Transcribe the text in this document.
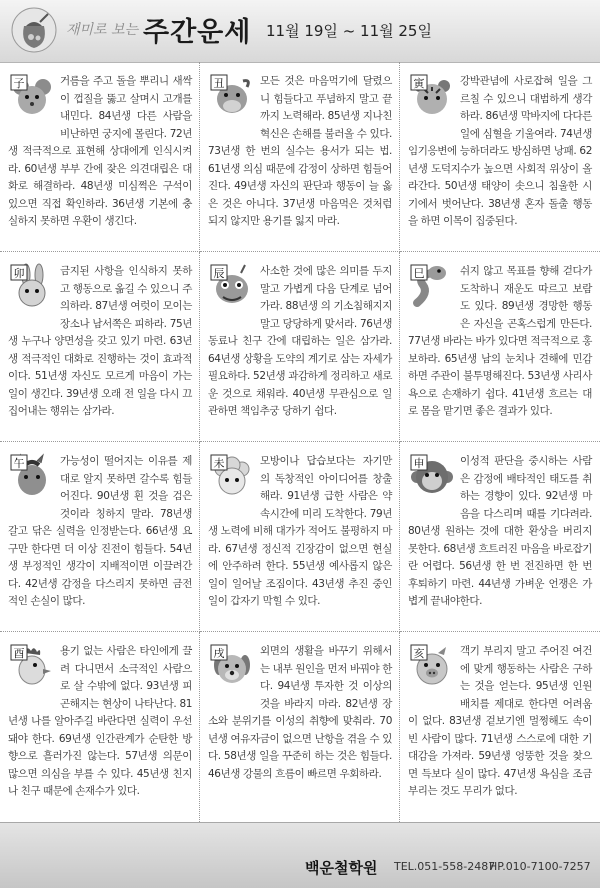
재미로 보는 주간운세 11월 19일 ~ 11월 25일
子	거름을 주고 돌을 뿌리니 새싹이 껍질을 뚫고 살며시 고개를 내민다. 84년생 다른 사람을 비난하면 궁지에 몰린다. 72년생 적극적으로 표현해 상대에게 인식시켜라. 60년생 부부 간에 잦은 의견대립은 대화로 해결하라. 48년생 미심쩍은 구석이 있으면 직접 확인하라. 36년생 기본에 충실하지 못하면 우환이 생긴다.

丑	모든 것은 마음먹기에 달렸으니 힘들다고 푸념하지 말고 끝까지 노력해라. 85년생 지나친 혁신은 손해를 불러올 수 있다. 73년생 한 번의 실수는 용서가 되는 법. 61년생 의심 때문에 감정이 상하면 힘들어진다. 49년생 자신의 판단과 행동이 늘 옳은 것은 아니다. 37년생 마음먹은 것처럼 되지 않지만 용기를 잃지 마라.

寅	강박관념에 사로잡혀 일을 그르칠 수 있으니 대범하게 생각하라. 86년생 막바지에 다다른 일에 심혈을 기울여라. 74년생 임기응변에 능하더라도 방심하면 낭패. 62년생 도덕지수가 높으면 사회적 위상이 올라간다. 50년생 태양이 솟으니 침울한 시기에서 벗어난다. 38년생 혼자 돌출 행동을 하면 이목이 집중된다.

卯	금지된 사항을 인식하지 못하고 행동으로 옮길 수 있으니 주의하라. 87년생 여럿이 모이는 장소나 남서쪽은 피하라. 75년생 누구나 양면성을 갖고 있기 마련. 63년생 적극적인 대화로 진행하는 것이 효과적이다. 51년생 자신도 모르게 마음이 가는 일이 생긴다. 39년생 오래 전 일을 다시 끄집어내는 행위는 삼가라.

辰	사소한 것에 많은 의미를 두지 말고 가볍게 다음 단계로 넘어가라. 88년생 의 기소침해지지 말고 당당하게 맞서라. 76년생 동료나 친구 간에 대립하는 일은 삼가라. 64년생 상황을 도약의 계기로 삼는 자세가 필요하다. 52년생 과감하게 정리하고 새로운 것으로 채워라. 40년생 무관심으로 일관하면 책임추궁 당하기 쉽다.

巳	쉬지 않고 목표를 향해 걷다가 도착하니 재운도 따르고 보람도 있다. 89년생 경망한 행동은 자신을 곤혹스럽게 만든다. 77년생 바라는 바가 있다면 적극적으로 홍보하라. 65년생 남의 눈치나 견해에 민감하면 주관이 불투명해진다. 53년생 사리사욕으로 손재하기 쉽다. 41년생 흐르는 대로 몸을 맡기면 좋은 결과가 있다.

午	가능성이 떨어지는 이유를 제대로 알지 못하면 갈수록 힘들어진다. 90년생 흰 것을 검은 것이라 칭하지 말라. 78년생 갈고 닦은 실력을 인정받는다. 66년생 요구만 한다면 더 이상 진전이 힘들다. 54년생 부정적인 생각이 지배적이면 이끌려간다. 42년생 감정을 다스리지 못하면 금전적인 손실이 많다.

未	모방이나 답습보다는 자기만의 독창적인 아이디어를 창출해라. 91년생 급한 사람은 약속시간에 미리 도착한다. 79년생 노력에 비해 대가가 적어도 불평하지 마라. 67년생 정신적 긴장감이 없으면 현실에 안주하려 한다. 55년생 예사롭지 않은 일이 일어날 조짐이다. 43년생 추진 중인 일이 갑자기 막힐 수 있다.

申	이성적 판단을 중시하는 사람은 감정에 배타적인 태도를 취하는 경향이 있다. 92년생 마음을 다스리며 때를 기다려라. 80년생 원하는 것에 대한 환상을 버리지 못한다. 68년생 흐트러진 마음을 바로잡기란 어렵다. 56년생 한 번 전진하면 한 번 후퇴하기 마련. 44년생 가벼운 언쟁은 가볍게 끝내야한다.

酉	용기 없는 사람은 타인에게 끌려 다니면서 소극적인 사람으로 살 수밖에 없다. 93년생 피곤해지는 현상이 나타난다. 81년생 나를 알아주길 바란다면 실력이 우선돼야 한다. 69년생 인간관계가 순탄한 방향으로 흘러가진 않는다. 57년생 의문이 많으면 의심을 부를 수 있다. 45년생 친지나 친구 때문에 손재수가 있다.

戌	외면의 생활을 바꾸기 위해서는 내부 원인을 먼저 바꿔야 한다. 94년생 투자한 것 이상의 것을 바라지 마라. 82년생 장소와 분위기를 이성의 취향에 맞춰라. 70년생 여유자금이 없으면 난항을 겪을 수 있다. 58년생 일을 꾸준히 하는 것은 힘들다. 46년생 강물의 흐름이 빠르면 우회하라.

亥	객기 부리지 말고 주어진 여건에 맞게 행동하는 사람은 구하는 것을 얻는다. 95년생 인원배치를 제대로 한다면 어려움이 없다. 83년생 겉보기엔 멀쩡해도 속이 빈 사람이 많다. 71년생 스스로에 대한 기대감을 가져라. 59년생 엉뚱한 것을 찾으면 득보다 실이 많다. 47년생 욕심을 조금 부리는 것도 무리가 없다.

백운철학원 TEL.051-558-2487
HP.010-7100-7257
